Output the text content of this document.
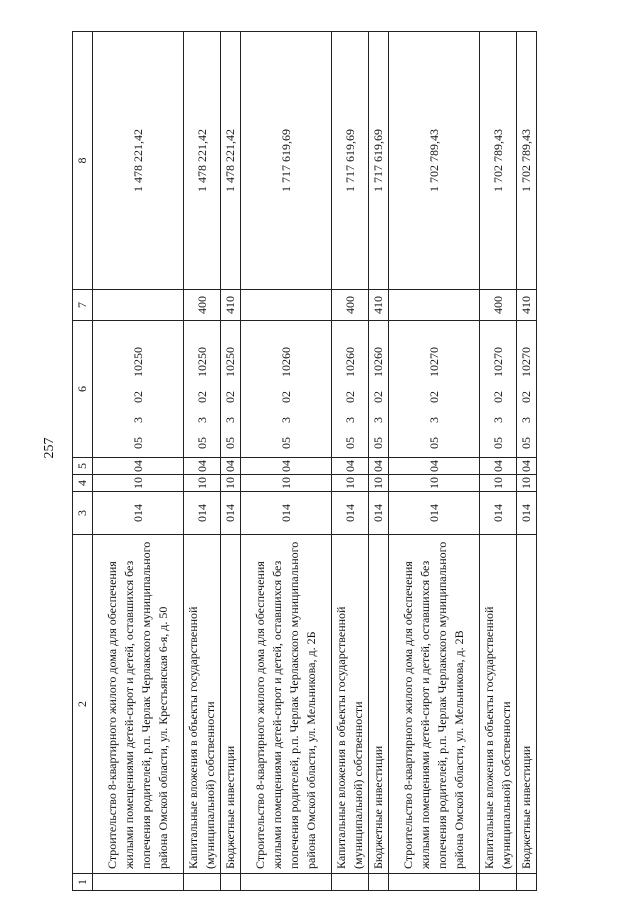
257
1	2	3	4	5	6	7	8
	Строительство 8-квартирного жилого дома для обеспечения жилыми помещениями детей-сирот и детей, оставшихся без попечения родителей, р.п. Черлак Черлакского муниципального района Омской области, ул. Крестьянская 6-я, д. 50	014	10	04	05  3  02  10250		1 478 221,42
	Капитальные вложения в объекты государственной (муниципальной) собственности	014	10	04	05  3  02  10250	400	1 478 221,42
	Бюджетные инвестиции	014	10	04	05  3  02  10250	410	1 478 221,42
	Строительство 8-квартирного жилого дома для обеспечения жилыми помещениями детей-сирот и детей, оставшихся без попечения родителей, р.п. Черлак Черлакского муниципального района Омской области, ул. Мельникова, д. 2Б	014	10	04	05  3  02  10260		1 717 619,69
	Капитальные вложения в объекты государственной (муниципальной) собственности	014	10	04	05  3  02  10260	400	1 717 619,69
	Бюджетные инвестиции	014	10	04	05  3  02  10260	410	1 717 619,69
	Строительство 8-квартирного жилого дома для обеспечения жилыми помещениями детей-сирот и детей, оставшихся без попечения родителей, р.п. Черлак Черлакского муниципального района Омской области, ул. Мельникова, д. 2В	014	10	04	05  3  02  10270		1 702 789,43
	Капитальные вложения в объекты государственной (муниципальной) собственности	014	10	04	05  3  02  10270	400	1 702 789,43
	Бюджетные инвестиции	014	10	04	05  3  02  10270	410	1 702 789,43
